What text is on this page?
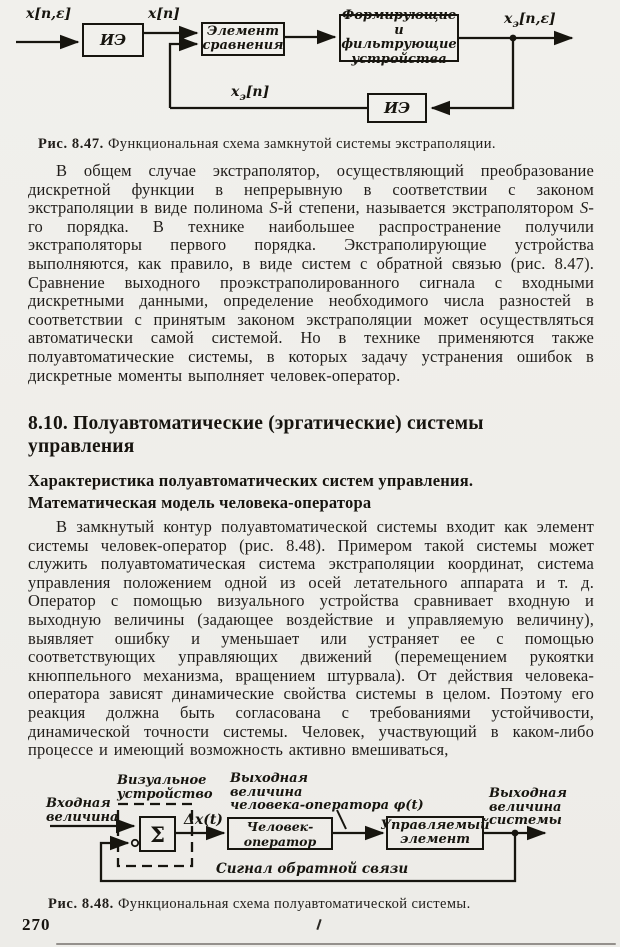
ИЭ	Элемент
сравнения
Формирующие и
фильтрующие
устройства
ИЭ
x[n,ε]	x[n]	$x_э[n,\varepsilon]$
$x_э[n]$
Рис. 8.47. Функциональная схема замкнутой системы экстраполяции.

В общем случае экстраполятор, осуществляющий преобразование дискретной функции в непрерывную в соответствии с законом экстраполяции в виде полинома S-й степени, называется экстраполятором S-го порядка. В технике наибольшее распространение получили экстраполяторы первого порядка. Экстраполирующие устройства выполняются, как правило, в виде систем с обратной связью (рис. 8.47). Сравнение выходного проэкстраполированного сигнала с входными дискретными данными, определение необходимого числа разностей в соответствии с принятым законом экстраполяции может осуществляться автоматически самой системой. Но в технике применяются также полуавтоматические системы, в которых задачу устранения ошибок в дискретные моменты выполняет человек-оператор.

8.10. Полуавтоматические (эргатические) системы управления
Характеристика полуавтоматических систем управления. Математическая модель человека-оператора

В замкнутый контур полуавтоматической системы входит как элемент системы человек-оператор (рис. 8.48). Примером такой системы может служить полуавтоматическая система экстраполяции координат, система управления положением одной из осей летательного аппарата и т. д. Оператор с помощью визуального устройства сравнивает входную и выходную величины (задающее воздействие и управляемую величину), выявляет ошибку и уменьшает или устраняет ее с помощью соответствующих управляющих движений (перемещением рукоятки кнюппельного механизма, вращением штурвала). От действия человека-оператора зависят динамические свойства системы в целом. Поэтому его реакция должна быть согласована с требованиями устойчивости, динамической точности системы. Человек, участвующий в каком-либо процессе и имеющий возможность активно вмешиваться,

Σ	Человек-оператор
Управляемый
элемент
Визуальное
устройство
Входная
величина
Выходная
величина
человека-оператора φ(t)
Δx(t)
Выходная
величина
системы
Сигнал обратной связи
Рис. 8.48. Функциональная схема полуавтоматической системы.
270
